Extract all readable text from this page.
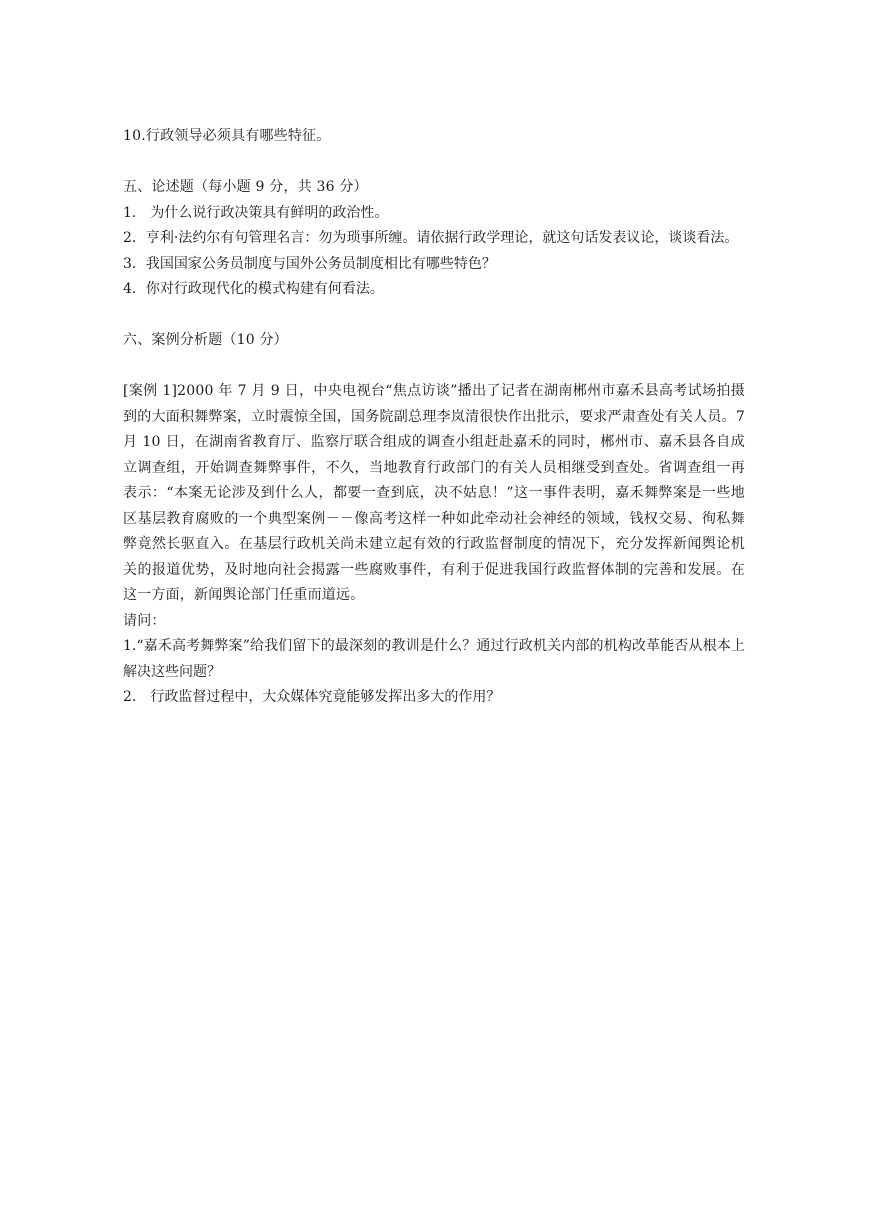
10.行政领导必须具有哪些特征。
五、论述题（每小题 9 分，共 36 分）
1.　为什么说行政决策具有鲜明的政治性。
2．亨利·法约尔有句管理名言：勿为琐事所缠。请依据行政学理论，就这句话发表议论，谈谈看法。
3．我国国家公务员制度与国外公务员制度相比有哪些特色？
4．你对行政现代化的模式构建有何看法。
六、案例分析题（10 分）
[案例 1]2000 年 7 月 9 日，中央电视台“焦点访谈”播出了记者在湖南郴州市嘉禾县高考试场拍摄到的大面积舞弊案，立时震惊全国，国务院副总理李岚清很快作出批示，要求严肃查处有关人员。7 月 10 日，在湖南省教育厅、监察厅联合组成的调查小组赶赴嘉禾的同时，郴州市、嘉禾县各自成立调查组，开始调查舞弊事件，不久，当地教育行政部门的有关人员相继受到查处。省调查组一再表示：“本案无论涉及到什么人，都要一查到底，决不姑息！”这一事件表明，嘉禾舞弊案是一些地区基层教育腐败的一个典型案例－－像高考这样一种如此牵动社会神经的领域，钱权交易、徇私舞弊竟然长驱直入。在基层行政机关尚未建立起有效的行政监督制度的情况下，充分发挥新闻舆论机关的报道优势，及时地向社会揭露一些腐败事件，有利于促进我国行政监督体制的完善和发展。在这一方面，新闻舆论部门任重而道远。
请问：
1.“嘉禾高考舞弊案”给我们留下的最深刻的教训是什么？通过行政机关内部的机构改革能否从根本上解决这些问题？
2.　行政监督过程中，大众媒体究竟能够发挥出多大的作用？
